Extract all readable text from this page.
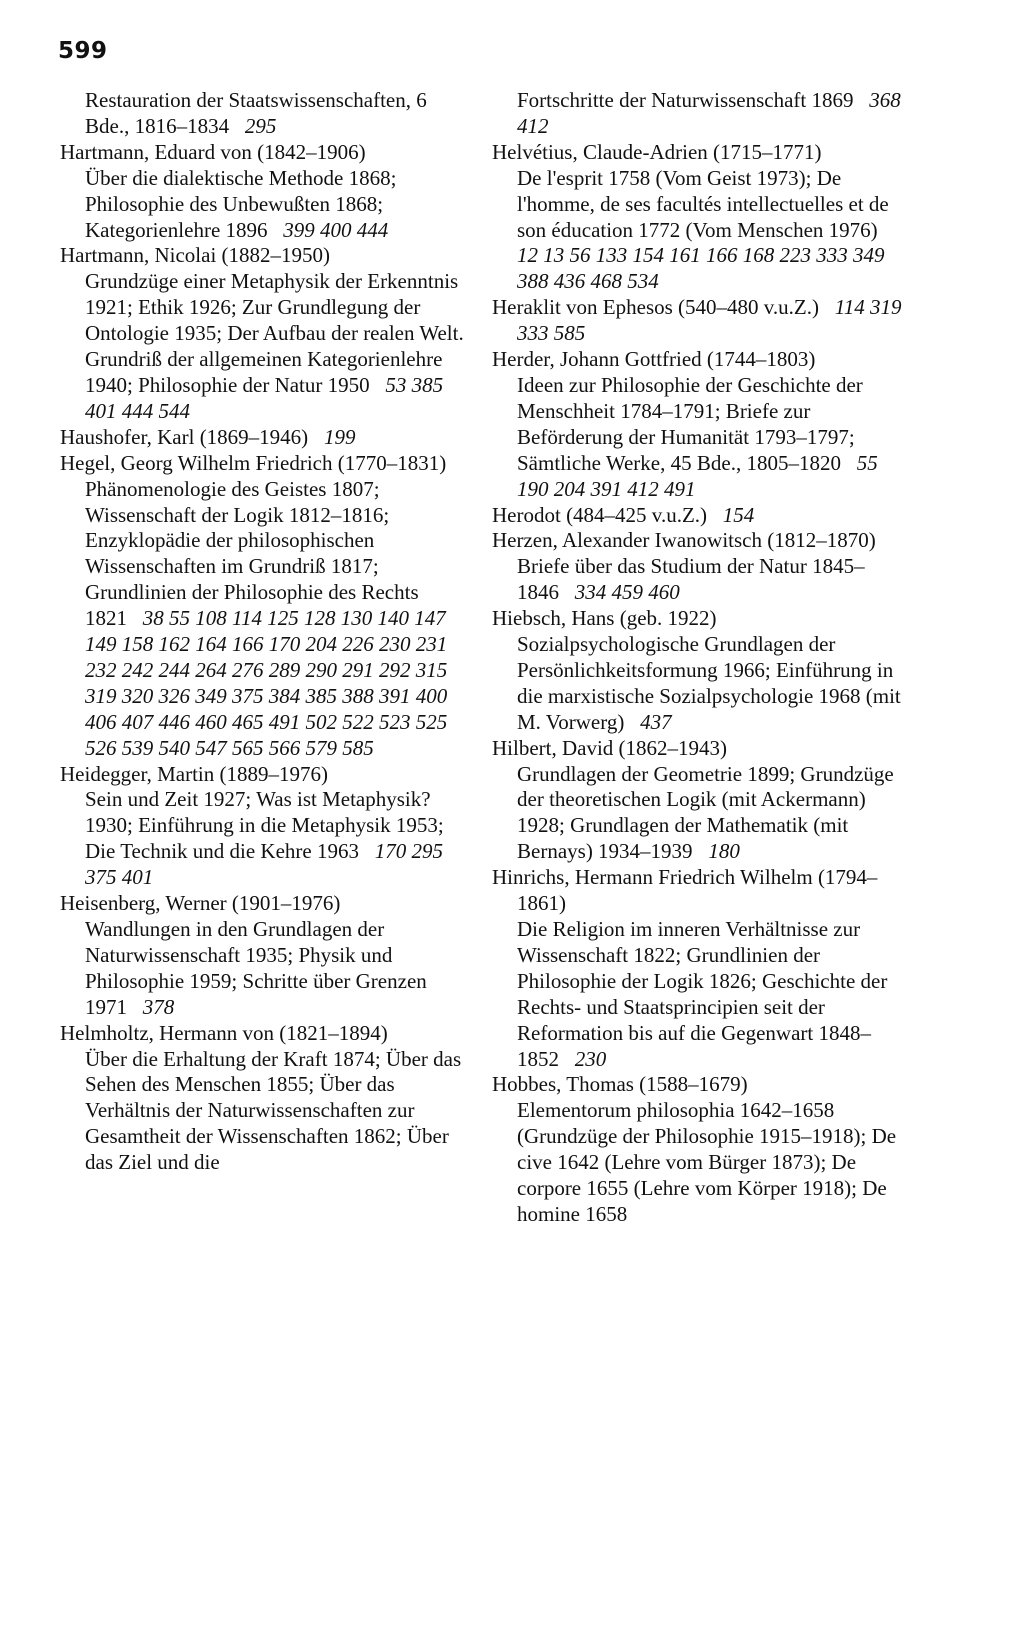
599
Restauration der Staatswissenschaften, 6 Bde., 1816–1834  295
Hartmann, Eduard von (1842–1906)
Über die dialektische Methode 1868; Philosophie des Unbewußten 1868; Kategorienlehre 1896  399 400 444
Hartmann, Nicolai (1882–1950)
Grundzüge einer Metaphysik der Erkenntnis 1921; Ethik 1926; Zur Grundlegung der Ontologie 1935; Der Aufbau der realen Welt. Grundriß der allgemeinen Kategorienlehre 1940; Philosophie der Natur 1950  53 385 401 444 544
Haushofer, Karl (1869–1946)  199
Hegel, Georg Wilhelm Friedrich (1770–1831)
Phänomenologie des Geistes 1807; Wissenschaft der Logik 1812–1816; Enzyklopädie der philosophischen Wissenschaften im Grundriß 1817; Grundlinien der Philosophie des Rechts 1821  38 55 108 114 125 128 130 140 147 149 158 162 164 166 170 204 226 230 231 232 242 244 264 276 289 290 291 292 315 319 320 326 349 375 384 385 388 391 400 406 407 446 460 465 491 502 522 523 525 526 539 540 547 565 566 579 585
Heidegger, Martin (1889–1976)
Sein und Zeit 1927; Was ist Metaphysik? 1930; Einführung in die Metaphysik 1953; Die Technik und die Kehre 1963  170 295 375 401
Heisenberg, Werner (1901–1976)
Wandlungen in den Grundlagen der Naturwissenschaft 1935; Physik und Philosophie 1959; Schritte über Grenzen 1971  378
Helmholtz, Hermann von (1821–1894)
Über die Erhaltung der Kraft 1874; Über das Sehen des Menschen 1855; Über das Verhältnis der Naturwissenschaften zur Gesamtheit der Wissenschaften 1862; Über das Ziel und die
Fortschritte der Naturwissenschaft 1869  368 412
Helvétius, Claude-Adrien (1715–1771)
De l'esprit 1758 (Vom Geist 1973); De l'homme, de ses facultés intellectuelles et de son éducation 1772 (Vom Menschen 1976)  12 13 56 133 154 161 166 168 223 333 349 388 436 468 534
Heraklit von Ephesos (540–480 v.u.Z.)  114 319 333 585
Herder, Johann Gottfried (1744–1803)
Ideen zur Philosophie der Geschichte der Menschheit 1784–1791; Briefe zur Beförderung der Humanität 1793–1797; Sämtliche Werke, 45 Bde., 1805–1820  55 190 204 391 412 491
Herodot (484–425 v.u.Z.)  154
Herzen, Alexander Iwanowitsch (1812–1870)
Briefe über das Studium der Natur 1845–1846  334 459 460
Hiebsch, Hans (geb. 1922)
Sozialpsychologische Grundlagen der Persönlichkeitsformung 1966; Einführung in die marxistische Sozialpsychologie 1968 (mit M. Vorwerg)  437
Hilbert, David (1862–1943)
Grundlagen der Geometrie 1899; Grundzüge der theoretischen Logik (mit Ackermann) 1928; Grundlagen der Mathematik (mit Bernays) 1934–1939  180
Hinrichs, Hermann Friedrich Wilhelm (1794–1861)
Die Religion im inneren Verhältnisse zur Wissenschaft 1822; Grundlinien der Philosophie der Logik 1826; Geschichte der Rechts- und Staatsprincipien seit der Reformation bis auf die Gegenwart 1848–1852  230
Hobbes, Thomas (1588–1679)
Elementorum philosophia 1642–1658 (Grundzüge der Philosophie 1915–1918); De cive 1642 (Lehre vom Bürger 1873); De corpore 1655 (Lehre vom Körper 1918); De homine 1658
